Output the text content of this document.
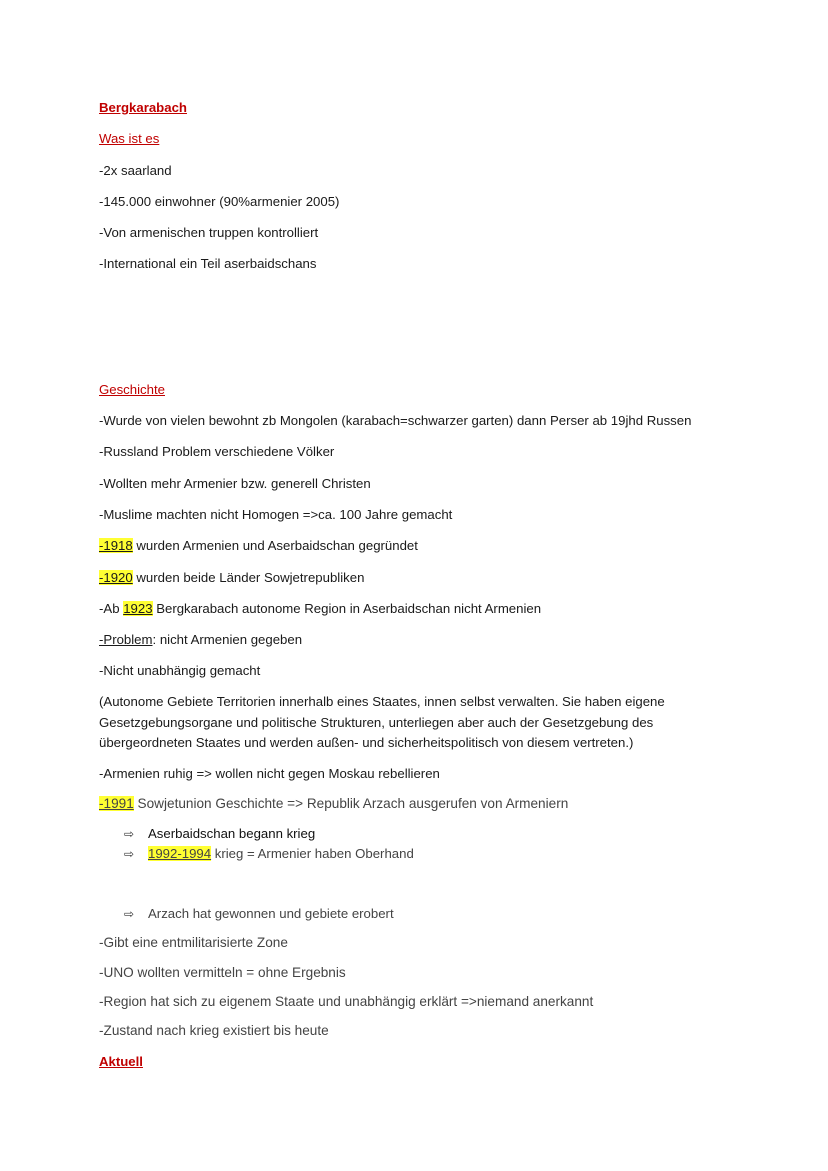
Bergkarabach
Was ist es
-2x saarland
-145.000 einwohner (90%armenier 2005)
-Von armenischen truppen kontrolliert
-International ein Teil aserbaidschans
Geschichte
-Wurde von vielen bewohnt zb Mongolen (karabach=schwarzer garten) dann Perser ab 19jhd Russen
-Russland Problem verschiedene Völker
-Wollten mehr Armenier bzw. generell Christen
-Muslime machten nicht Homogen =>ca. 100 Jahre gemacht
-1918 wurden Armenien und Aserbaidschan gegründet
-1920 wurden beide Länder Sowjetrepubliken
-Ab 1923 Bergkarabach autonome Region in Aserbaidschan nicht Armenien
-Problem: nicht Armenien gegeben
-Nicht unabhängig gemacht
(Autonome Gebiete Territorien innerhalb eines Staates, innen selbst verwalten. Sie haben eigene Gesetzgebungsorgane und politische Strukturen, unterliegen aber auch der Gesetzgebung des übergeordneten Staates und werden außen- und sicherheitspolitisch von diesem vertreten.)
-Armenien ruhig => wollen nicht gegen Moskau rebellieren
-1991 Sowjetunion Geschichte => Republik Arzach ausgerufen von Armeniern
⇨ Aserbaidschan begann krieg
⇨ 1992-1994 krieg = Armenier haben Oberhand
⇨ Arzach hat gewonnen und gebiete erobert
-Gibt eine entmilitarisierte Zone
-UNO wollten vermitteln = ohne Ergebnis
-Region hat sich zu eigenem Staate und unabhängig erklärt =>niemand anerkannt
-Zustand nach krieg existiert bis heute
Aktuell
